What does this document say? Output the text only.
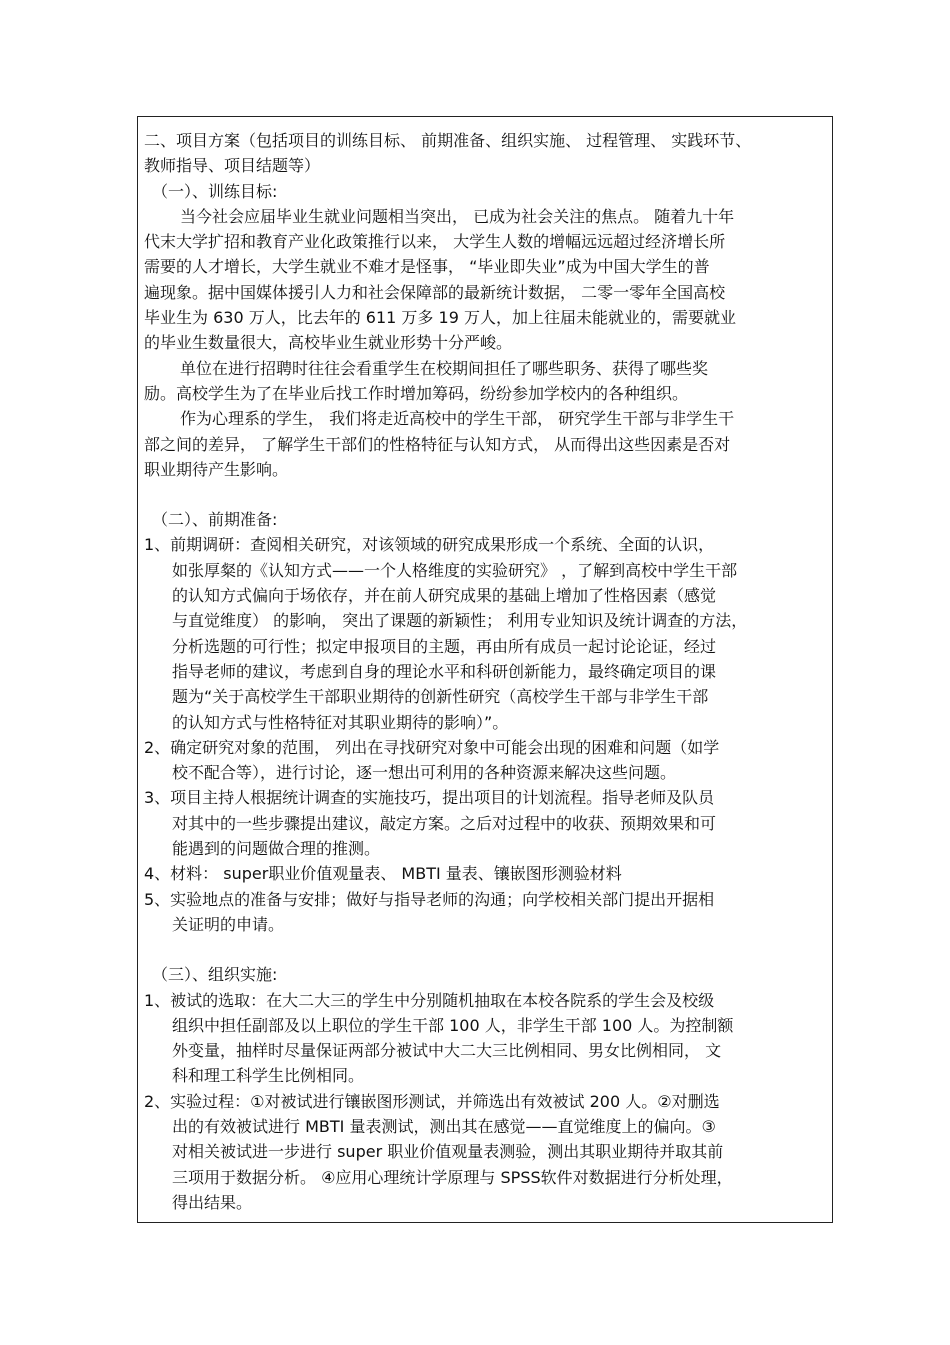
二、项目方案（包括项目的训练目标、 前期准备、组织实施、 过程管理、 实践环节、
教师指导、项目结题等）
（一）、训练目标:
当今社会应届毕业生就业问题相当突出， 已成为社会关注的焦点。 随着九十年
代末大学扩招和教育产业化政策推行以来， 大学生人数的增幅远远超过经济增长所
需要的人才增长，大学生就业不难才是怪事， “毕业即失业”成为中国大学生的普
遍现象。据中国媒体援引人力和社会保障部的最新统计数据， 二零一零年全国高校
毕业生为 630 万人，比去年的 611 万多 19 万人，加上往届未能就业的，需要就业
的毕业生数量很大，高校毕业生就业形势十分严峻。
单位在进行招聘时往往会看重学生在校期间担任了哪些职务、获得了哪些奖
励。高校学生为了在毕业后找工作时增加筹码，纷纷参加学校内的各种组织。
作为心理系的学生， 我们将走近高校中的学生干部， 研究学生干部与非学生干
部之间的差异， 了解学生干部们的性格特征与认知方式， 从而得出这些因素是否对
职业期待产生影响。
（二）、前期准备:
1、前期调研：查阅相关研究，对该领域的研究成果形成一个系统、全面的认识，
如张厚粲的《认知方式——一个人格维度的实验研究》 ，了解到高校中学生干部
的认知方式偏向于场依存，并在前人研究成果的基础上增加了性格因素（感觉
与直觉维度） 的影响， 突出了课题的新颖性； 利用专业知识及统计调查的方法，
分析选题的可行性；拟定申报项目的主题，再由所有成员一起讨论论证，经过
指导老师的建议，考虑到自身的理论水平和科研创新能力，最终确定项目的课
题为“关于高校学生干部职业期待的创新性研究（高校学生干部与非学生干部
的认知方式与性格特征对其职业期待的影响）”。
2、确定研究对象的范围， 列出在寻找研究对象中可能会出现的困难和问题（如学
校不配合等），进行讨论，逐一想出可利用的各种资源来解决这些问题。
3、项目主持人根据统计调查的实施技巧，提出项目的计划流程。指导老师及队员
对其中的一些步骤提出建议，敲定方案。之后对过程中的收获、预期效果和可
能遇到的问题做合理的推测。
4、材料： super职业价值观量表、 MBTI 量表、镶嵌图形测验材料
5、实验地点的准备与安排；做好与指导老师的沟通；向学校相关部门提出开据相
关证明的申请。
（三）、组织实施:
1、被试的选取：在大二大三的学生中分别随机抽取在本校各院系的学生会及校级
组织中担任副部及以上职位的学生干部 100 人，非学生干部 100 人。为控制额
外变量，抽样时尽量保证两部分被试中大二大三比例相同、男女比例相同， 文
科和理工科学生比例相同。
2、实验过程：①对被试进行镶嵌图形测试，并筛选出有效被试 200 人。②对删选
出的有效被试进行 MBTI 量表测试，测出其在感觉——直觉维度上的偏向。③
对相关被试进一步进行 super 职业价值观量表测验，测出其职业期待并取其前
三项用于数据分析。 ④应用心理统计学原理与 SPSS软件对数据进行分析处理，
得出结果。
